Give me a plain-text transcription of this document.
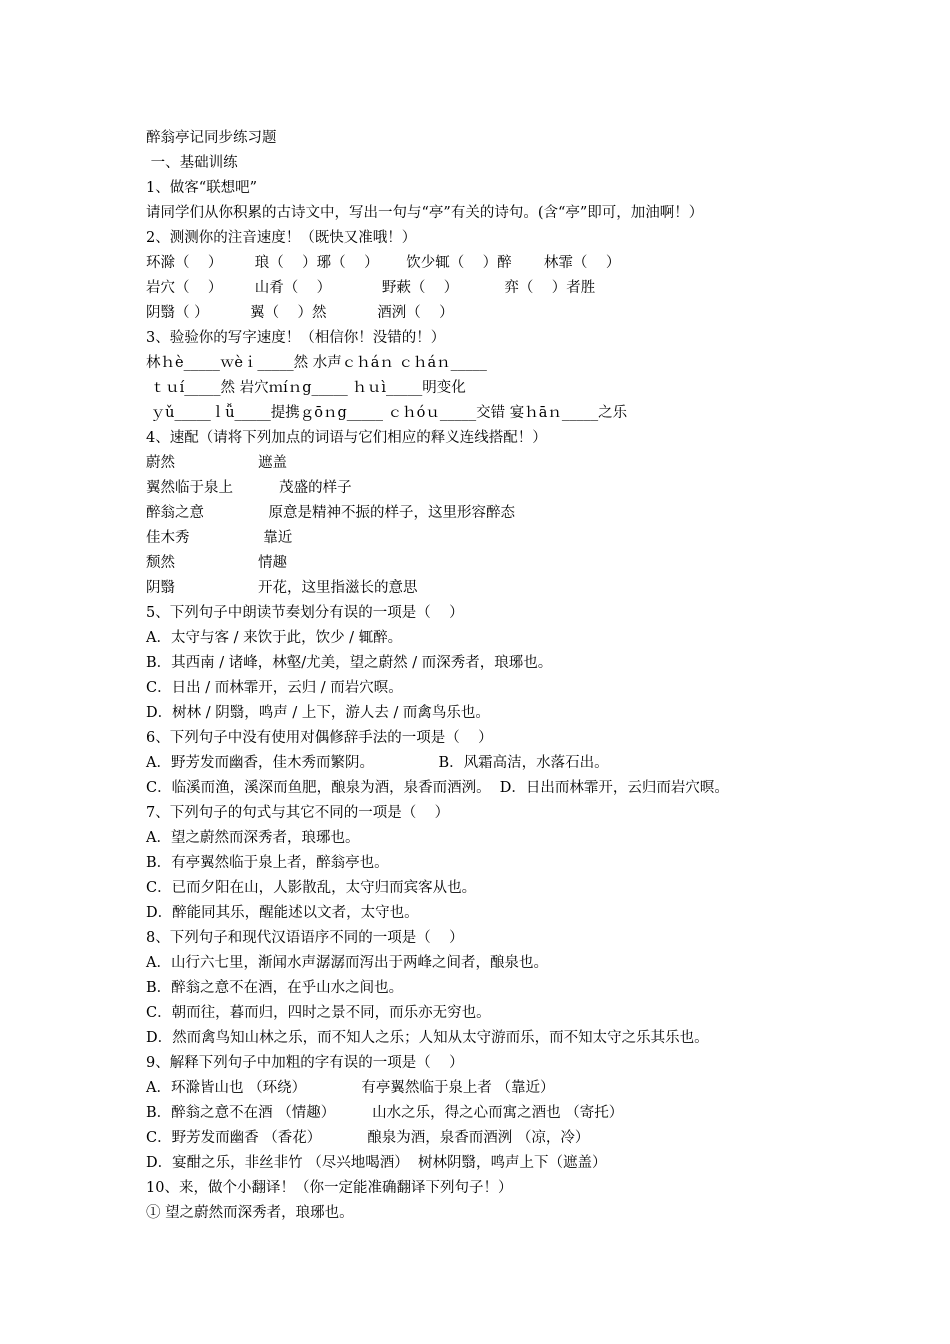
醉翁亭记同步练习题
一、基础训练
1、做客“联想吧”
请同学们从你积累的古诗文中，写出一句与“亭”有关的诗句。(含“亭”即可，加油啊！）
2、测测你的注音速度！（既快又准哦！）
环滁（    ）       琅（    ）琊（    ）      饮少辄（    ）醉       林霏（    ）
岩穴（    ）       山肴（    ）           野蔌（    ）          弈（    ）者胜
阴翳（ ）         翼（    ）然           酒洌（    ）
3、验验你的写字速度！（相信你！没错的！）
林ｈè_____ｗèｉ_____然 水声ｃｈáｎ ｃｈáｎ_____
ｔｕí_____然 岩穴ｍíｎg_____ ｈｕì_____明变化
ｙǔ_____ｌǚ_____提携ｇōｎg_____ ｃｈóｕ_____交错 宴ｈāｎ_____之乐
4、速配（请将下列加点的词语与它们相应的释义连线搭配！）
蔚然                  遮盖
翼然临于泉上          茂盛的样子
醉翁之意              原意是精神不振的样子，这里形容醉态
佳木秀                靠近
颓然                  情趣
阴翳                  开花，这里指滋长的意思
5、下列句子中朗读节奏划分有误的一项是（    ）
A．太守与客 / 来饮于此，饮少 / 辄醉。
B．其西南 / 诸峰，林壑/尤美，望之蔚然 / 而深秀者，琅琊也。
C．日出 / 而林霏开，云归 / 而岩穴暝。
D．树林 / 阴翳，鸣声 / 上下，游人去 / 而禽鸟乐也。
6、下列句子中没有使用对偶修辞手法的一项是（    ）
A．野芳发而幽香，佳木秀而繁阴。              B．风霜高洁，水落石出。
C．临溪而渔，溪深而鱼肥，酿泉为酒，泉香而酒洌。  D．日出而林霏开，云归而岩穴暝。
7、下列句子的句式与其它不同的一项是（    ）
A．望之蔚然而深秀者，琅琊也。
B．有亭翼然临于泉上者，醉翁亭也。
C．已而夕阳在山，人影散乱，太守归而宾客从也。
D．醉能同其乐，醒能述以文者，太守也。
8、下列句子和现代汉语语序不同的一项是（    ）
A．山行六七里，渐闻水声潺潺而泻出于两峰之间者，酿泉也。
B．醉翁之意不在酒，在乎山水之间也。
C．朝而往，暮而归，四时之景不同，而乐亦无穷也。
D．然而禽鸟知山林之乐，而不知人之乐；人知从太守游而乐，而不知太守之乐其乐也。
9、解释下列句子中加粗的字有误的一项是（    ）
A．环滁皆山也 （环绕）            有亭翼然临于泉上者 （靠近）
B．醉翁之意不在酒 （情趣）        山水之乐，得之心而寓之酒也 （寄托）
C．野芳发而幽香 （香花）          酿泉为酒，泉香而酒洌 （凉，冷）
D．宴酣之乐，非丝非竹 （尽兴地喝酒）  树林阴翳，鸣声上下（遮盖）
10、来，做个小翻译！（你一定能准确翻译下列句子！）
① 望之蔚然而深秀者，琅琊也。
